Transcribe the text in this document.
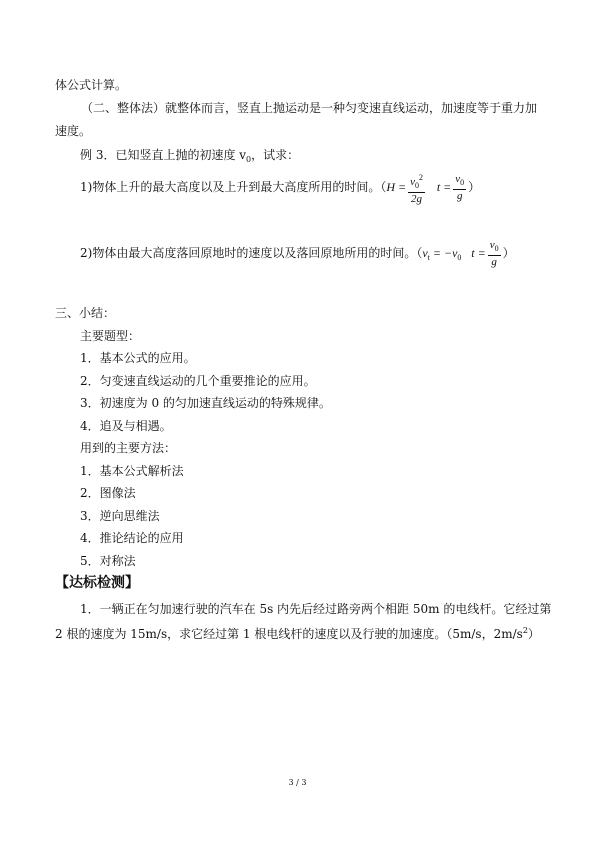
体公式计算。
（二、整体法）就整体而言，竖直上抛运动是一种匀变速直线运动，加速度等于重力加
速度。
例 3．已知竖直上抛的初速度 $v_0$，试求：
1)物体上升的最大高度以及上升到最大高度所用的时间。（$H = \frac{v_0^2}{2g}$ $t = \frac{v_0}{g}$ ）
2)物体由最大高度落回原地时的速度以及落回原地所用的时间。（$v_t = -v_0$ $t = \frac{v_0}{g}$ ）
三、小结：
主要题型：
1．基本公式的应用。
2．匀变速直线运动的几个重要推论的应用。
3．初速度为 0 的匀加速直线运动的特殊规律。
4．追及与相遇。
用到的主要方法：
1．基本公式解析法
2．图像法
3．逆向思维法
4．推论结论的应用
5．对称法
【达标检测】
1．一辆正在匀加速行驶的汽车在 5s 内先后经过路旁两个相距 50m 的电线杆。它经过第
2 根的速度为 15m/s，求它经过第 1 根电线杆的速度以及行驶的加速度。（5m/s，$2m/s^2$）
3 / 3
